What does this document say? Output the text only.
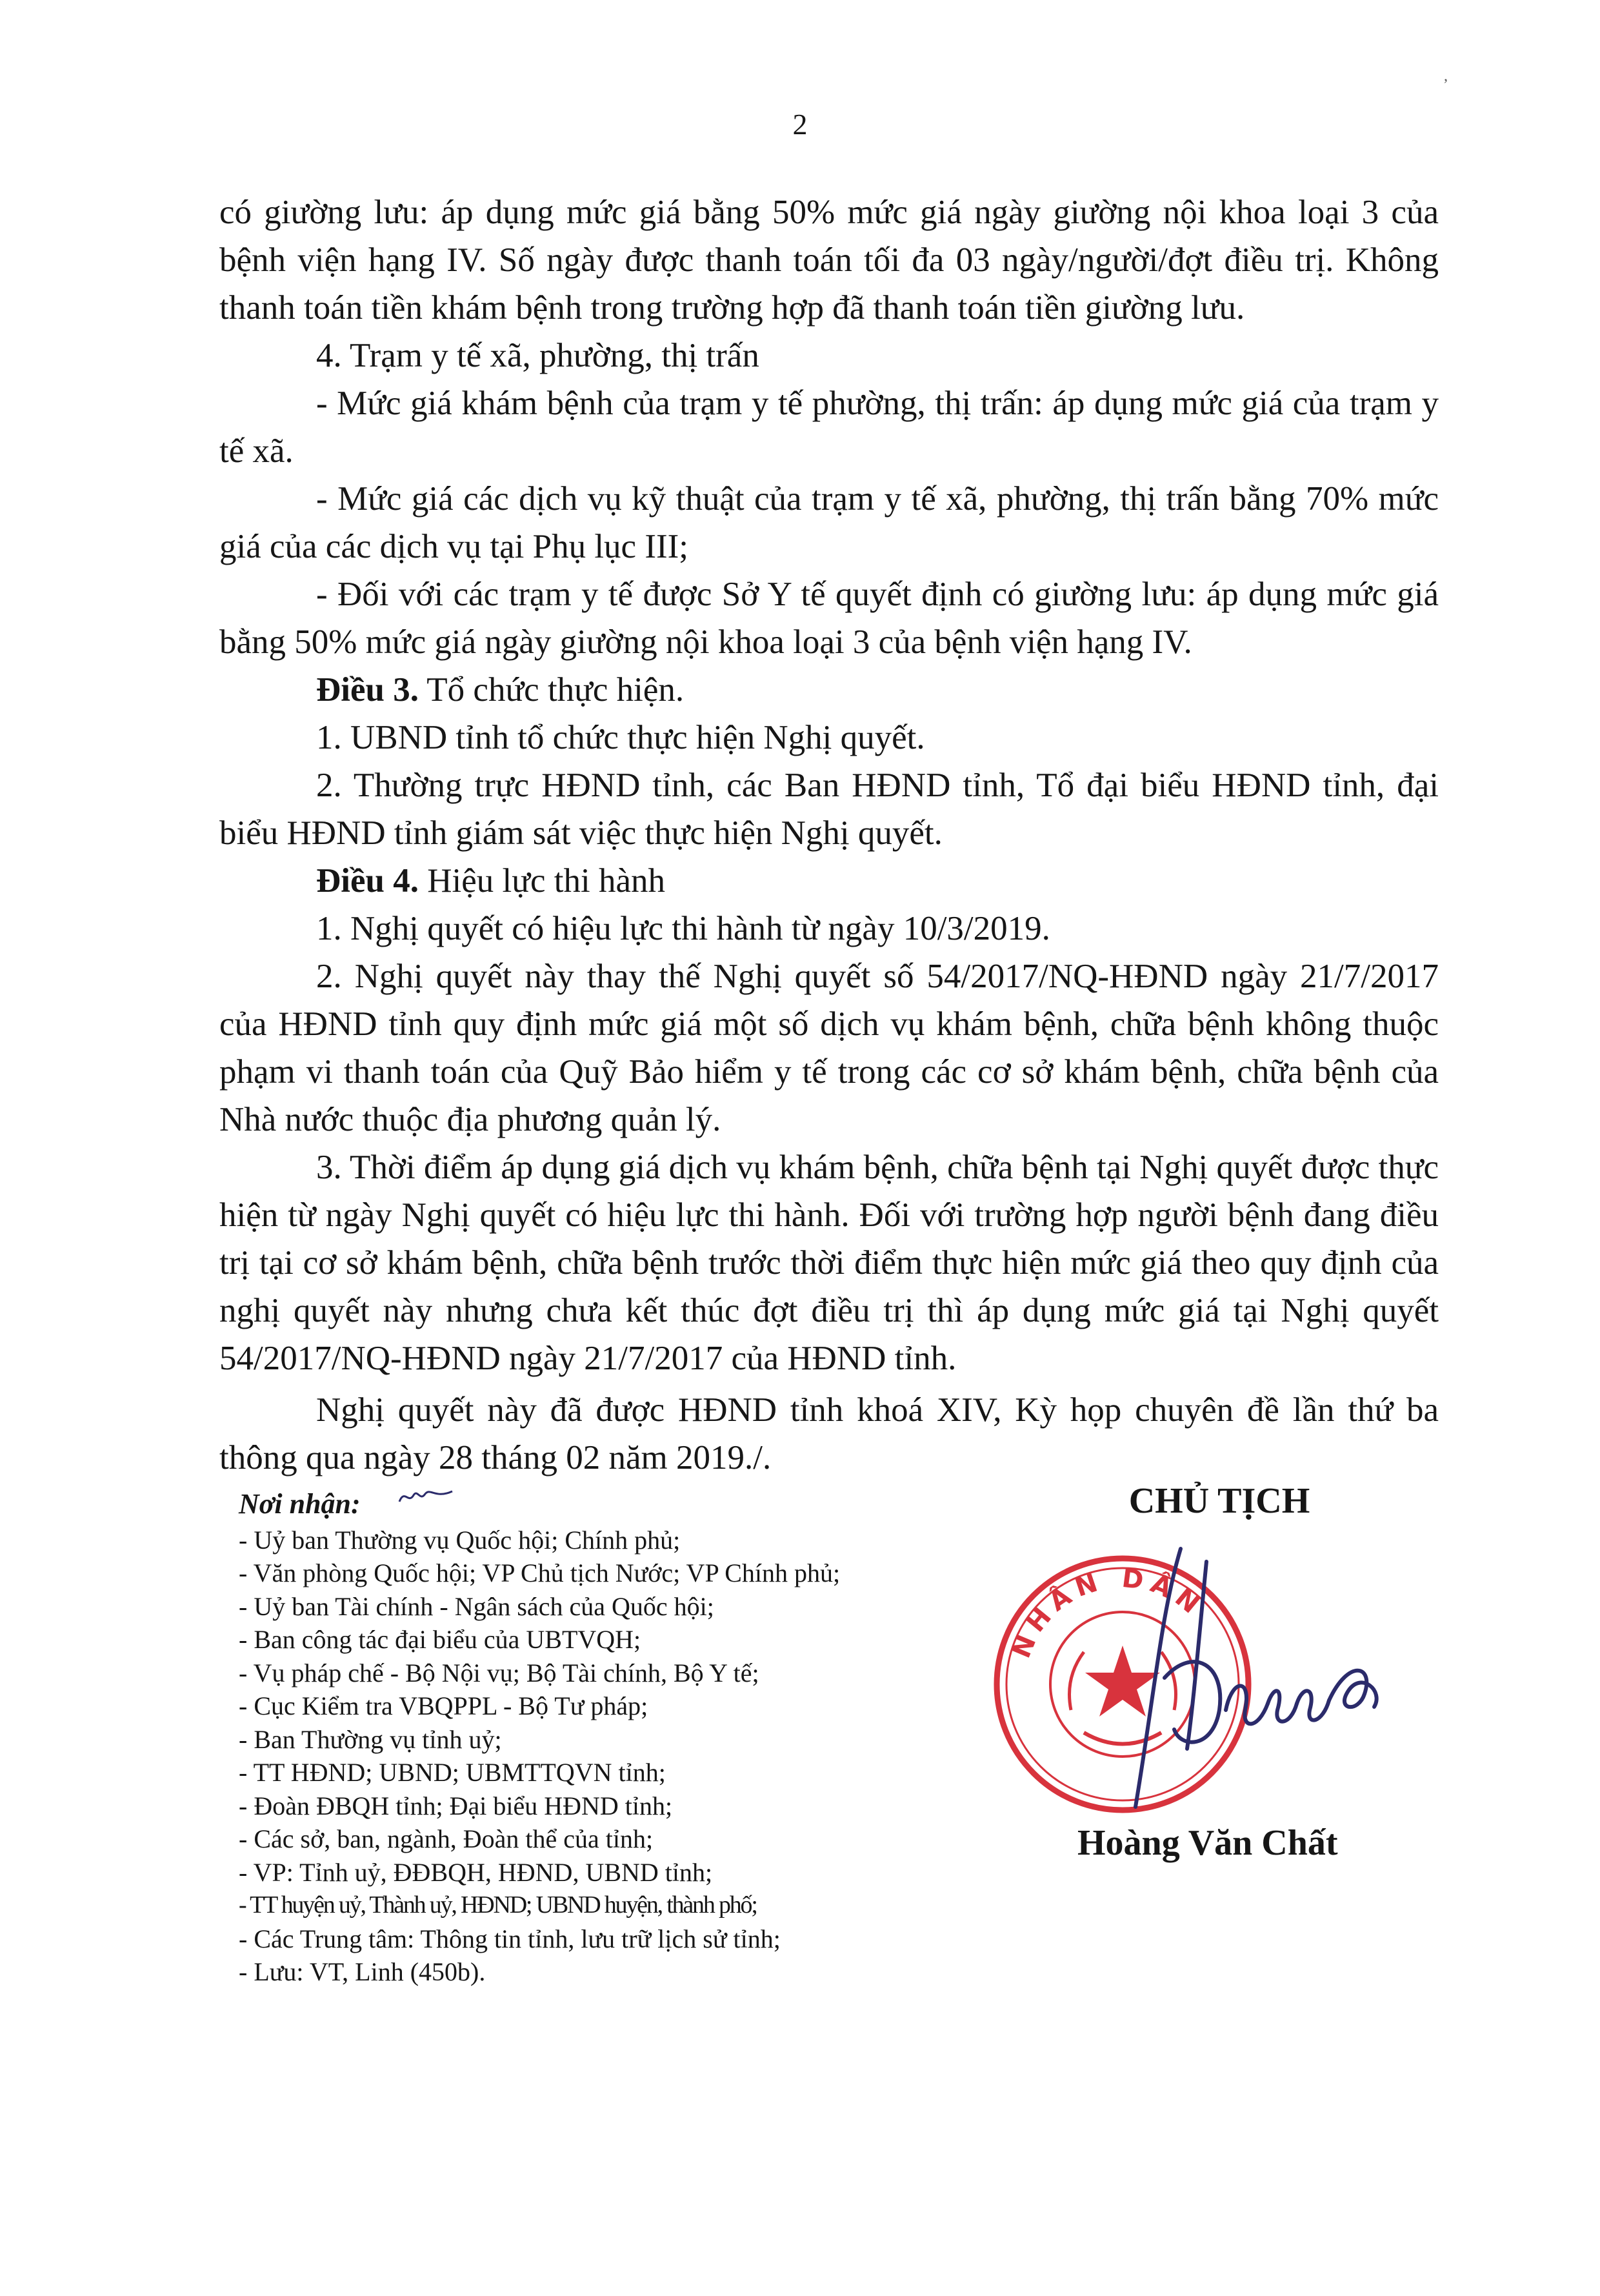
2
,

có giường lưu: áp dụng mức giá bằng 50% mức giá ngày giường nội khoa loại 3 của bệnh viện hạng IV. Số ngày được thanh toán tối đa 03 ngày/người/đợt điều trị. Không thanh toán tiền khám bệnh trong trường hợp đã thanh toán tiền giường lưu.

4. Trạm y tế xã, phường, thị trấn

- Mức giá khám bệnh của trạm y tế phường, thị trấn: áp dụng mức giá của trạm y tế xã.

- Mức giá các dịch vụ kỹ thuật của trạm y tế xã, phường, thị trấn bằng 70% mức giá của các dịch vụ tại Phụ lục III;

- Đối với các trạm y tế được Sở Y tế quyết định có giường lưu: áp dụng mức giá bằng 50% mức giá ngày giường nội khoa loại 3 của bệnh viện hạng IV.

Điều 3. Tổ chức thực hiện.

1. UBND tỉnh tổ chức thực hiện Nghị quyết.

2. Thường trực HĐND tỉnh, các Ban HĐND tỉnh, Tổ đại biểu HĐND tỉnh, đại biểu HĐND tỉnh giám sát việc thực hiện Nghị quyết.

Điều 4. Hiệu lực thi hành

1. Nghị quyết có hiệu lực thi hành từ ngày 10/3/2019.

2. Nghị quyết này thay thế Nghị quyết số 54/2017/NQ-HĐND ngày 21/7/2017 của HĐND tỉnh quy định mức giá một số dịch vụ khám bệnh, chữa bệnh không thuộc phạm vi thanh toán của Quỹ Bảo hiểm y tế trong các cơ sở khám bệnh, chữa bệnh của Nhà nước thuộc địa phương quản lý.

3. Thời điểm áp dụng giá dịch vụ khám bệnh, chữa bệnh tại Nghị quyết được thực hiện từ ngày Nghị quyết có hiệu lực thi hành. Đối với trường hợp người bệnh đang điều trị tại cơ sở khám bệnh, chữa bệnh trước thời điểm thực hiện mức giá theo quy định của nghị quyết này nhưng chưa kết thúc đợt điều trị thì áp dụng mức giá tại Nghị quyết 54/2017/NQ-HĐND ngày 21/7/2017 của HĐND tỉnh.

Nghị quyết này đã được HĐND tỉnh khoá XIV, Kỳ họp chuyên đề lần thứ ba thông qua ngày 28 tháng 02 năm 2019./.

Nơi nhận:
- Uỷ ban Thường vụ Quốc hội; Chính phủ;
- Văn phòng Quốc hội; VP Chủ tịch Nước; VP Chính phủ;
- Uỷ ban Tài chính - Ngân sách của Quốc hội;
- Ban công tác đại biểu của UBTVQH;
- Vụ pháp chế - Bộ Nội vụ; Bộ Tài chính, Bộ Y tế;
- Cục Kiểm tra VBQPPL - Bộ Tư pháp;
- Ban Thường vụ tỉnh uỷ;
- TT HĐND; UBND; UBMTTQVN tỉnh;
- Đoàn ĐBQH tỉnh; Đại biểu HĐND tỉnh;
- Các sở, ban, ngành, Đoàn thể của tỉnh;
- VP: Tỉnh uỷ, ĐĐBQH, HĐND, UBND tỉnh;
- TT huyện uỷ, Thành uỷ, HĐND; UBND huyện, thành phố;
- Các Trung tâm: Thông tin tỉnh, lưu trữ lịch sử tỉnh;
- Lưu: VT, Linh (450b).
CHỦ TỊCH
NHÂN DÂN
Hoàng Văn Chất
